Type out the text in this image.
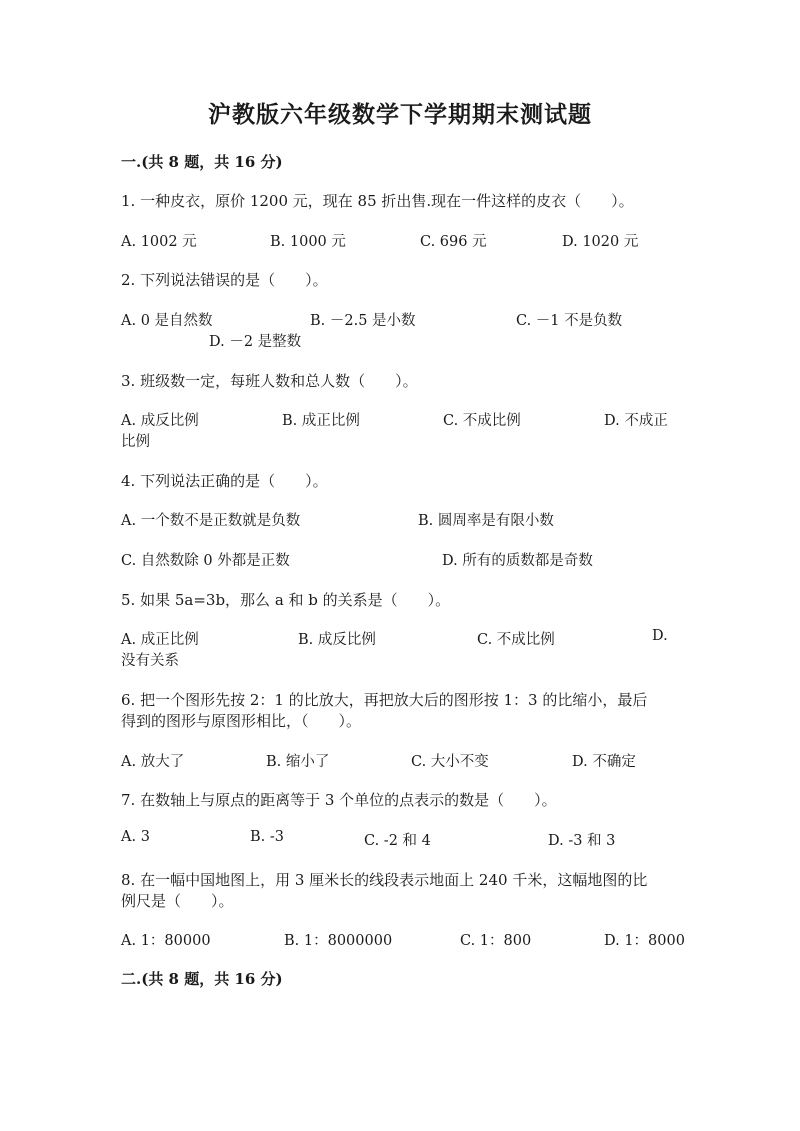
沪教版六年级数学下学期期末测试题
一.(共 8 题，共 16 分)
1. 一种皮衣，原价 1200 元，现在 85 折出售.现在一件这样的皮衣（　　）。
A. 1002 元	B. 1000 元	C. 696 元	D. 1020 元
2. 下列说法错误的是（　　）。
A. 0 是自然数	B. －2.5 是小数	C. －1 不是负数
D. －2 是整数
3. 班级数一定，每班人数和总人数（　　）。
A. 成反比例	B. 成正比例	C. 不成比例	D. 不成正
比例
4. 下列说法正确的是（　　）。
A. 一个数不是正数就是负数	B. 圆周率是有限小数
C. 自然数除 0 外都是正数	D. 所有的质数都是奇数
5. 如果 5a=3b，那么 a 和 b 的关系是（　　）。
A. 成正比例	B. 成反比例	C. 不成比例	D.
没有关系
6. 把一个图形先按 2：1 的比放大，再把放大后的图形按 1：3 的比缩小，最后
得到的图形与原图形相比，（　　）。
A. 放大了	B. 缩小了	C. 大小不变	D. 不确定
7. 在数轴上与原点的距离等于 3 个单位的点表示的数是（　　）。
A. 3	B. -3	C. -2 和 4	D. -3 和 3
8. 在一幅中国地图上，用 3 厘米长的线段表示地面上 240 千米，这幅地图的比
例尺是（　　）。
A. 1：80000	B. 1：8000000	C. 1：800	D. 1：8000
二.(共 8 题，共 16 分)
